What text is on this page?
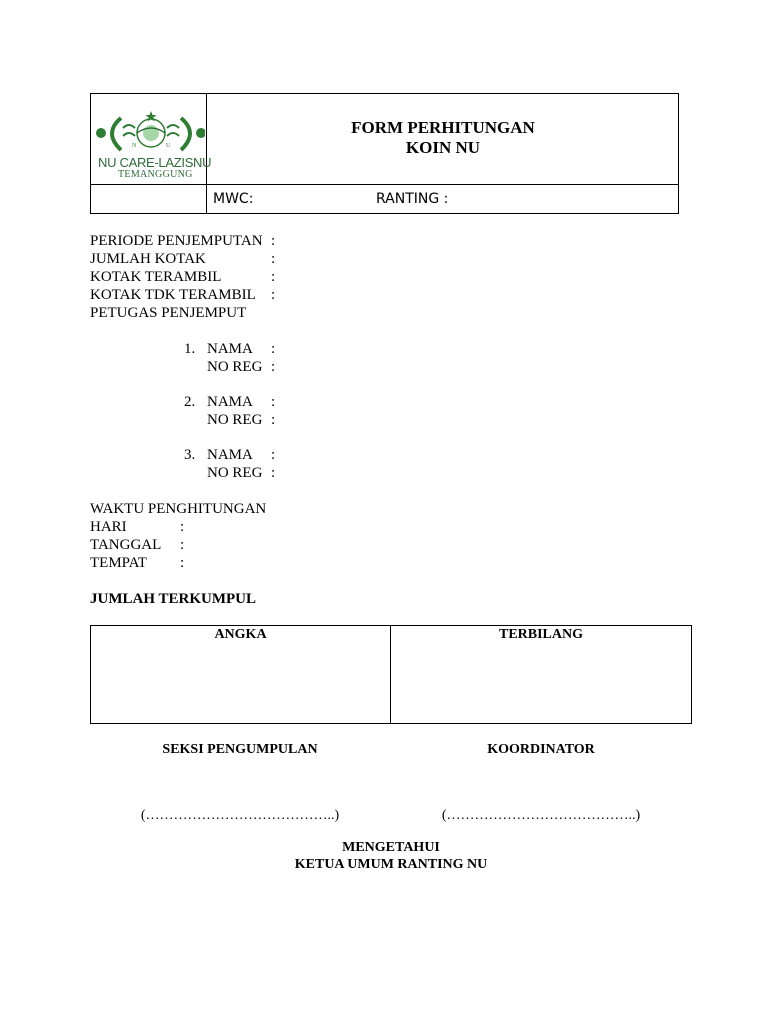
N	U
NU CARE-LAZISNU
TEMANGGUNG
FORM PERHITUNGAN
KOIN NU
MWC:	RANTING :
PERIODE PENJEMPUTAN :
JUMLAH KOTAK	:
KOTAK TERAMBIL	:
KOTAK TDK TERAMBIL :
PETUGAS PENJEMPUT
1. NAMA :
NO REG :
2. NAMA :
NO REG :
3. NAMA :
NO REG :
WAKTU PENGHITUNGAN
HARI	:
TANGGAL :
TEMPAT :
JUMLAH TERKUMPUL
ANGKA	TERBILANG
SEKSI PENGUMPULAN	KOORDINATOR
(…………………………………..)	(…………………………………..)
MENGETAHUI
KETUA UMUM RANTING NU
